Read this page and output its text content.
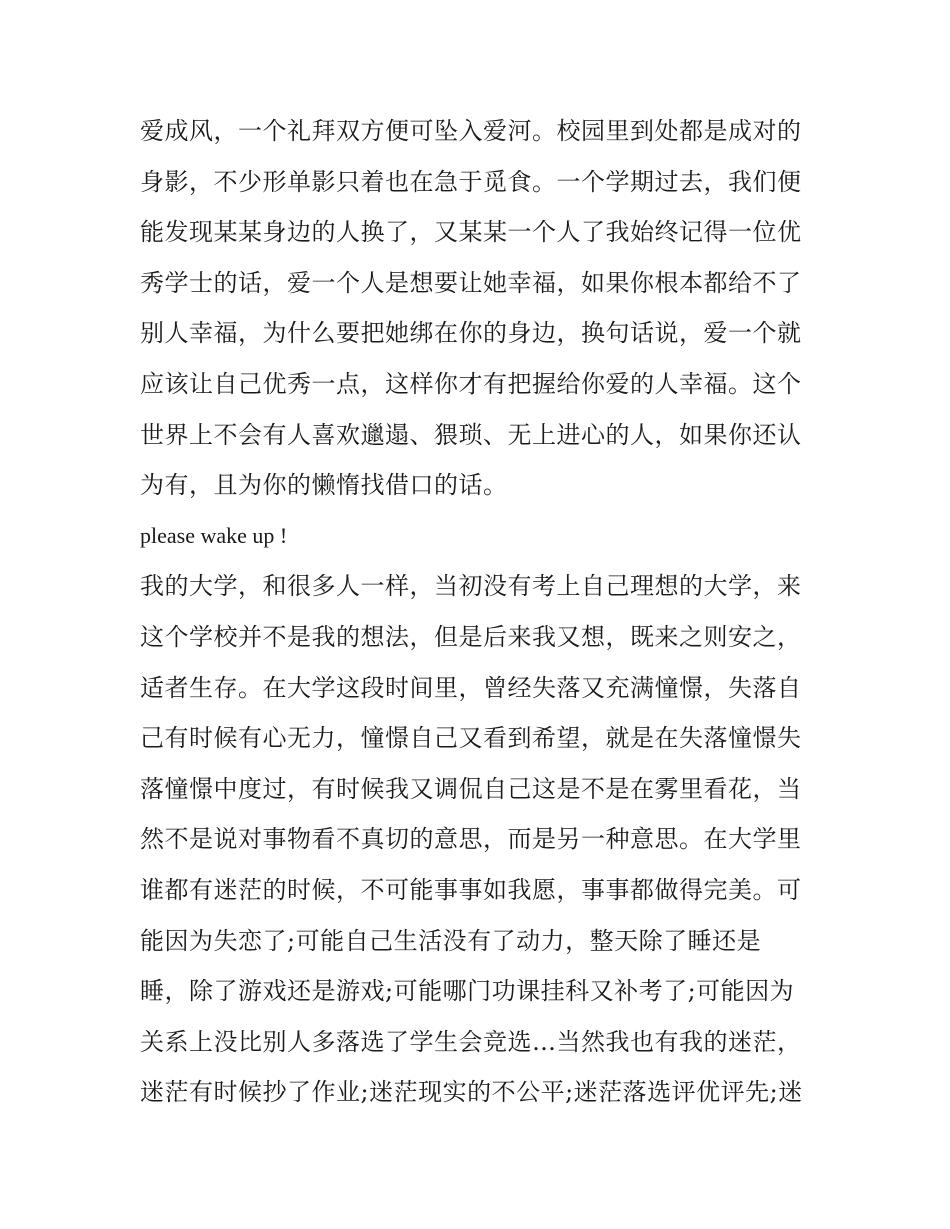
爱成风，一个礼拜双方便可坠入爱河。校园里到处都是成对的
身影，不少形单影只着也在急于觅食。一个学期过去，我们便
能发现某某身边的人换了，又某某一个人了我始终记得一位优
秀学士的话，爱一个人是想要让她幸福，如果你根本都给不了
别人幸福，为什么要把她绑在你的身边，换句话说，爱一个就
应该让自己优秀一点，这样你才有把握给你爱的人幸福。这个
世界上不会有人喜欢邋遢、猥琐、无上进心的人，如果你还认
为有，且为你的懒惰找借口的话。
please wake up !
我的大学，和很多人一样，当初没有考上自己理想的大学，来
这个学校并不是我的想法，但是后来我又想，既来之则安之，
适者生存。在大学这段时间里，曾经失落又充满憧憬，失落自
己有时候有心无力，憧憬自己又看到希望，就是在失落憧憬失
落憧憬中度过，有时候我又调侃自己这是不是在雾里看花，当
然不是说对事物看不真切的意思，而是另一种意思。在大学里
谁都有迷茫的时候，不可能事事如我愿，事事都做得完美。可
能因为失恋了;可能自己生活没有了动力，整天除了睡还是
睡，除了游戏还是游戏;可能哪门功课挂科又补考了;可能因为
关系上没比别人多落选了学生会竞选…当然我也有我的迷茫，
迷茫有时候抄了作业;迷茫现实的不公平;迷茫落选评优评先;迷
